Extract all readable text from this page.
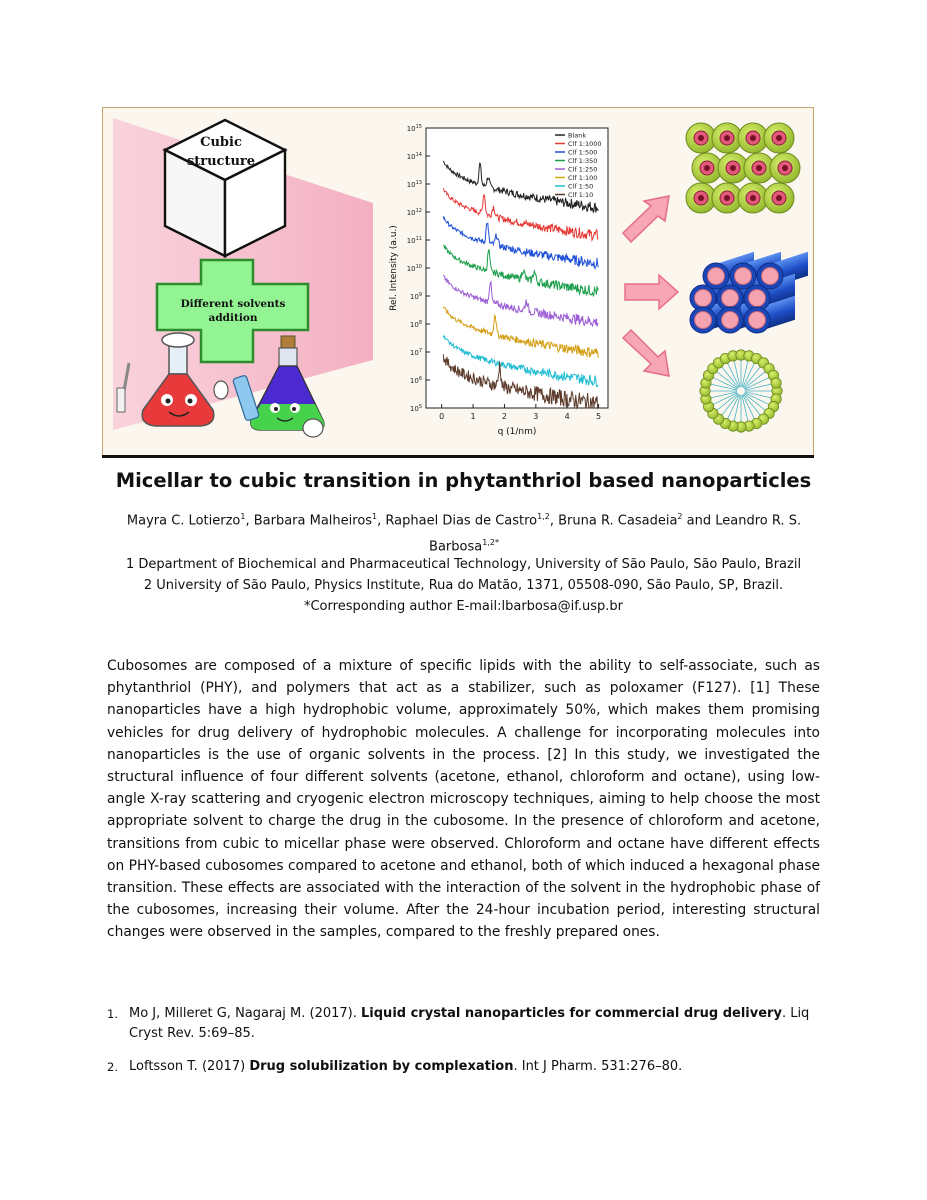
Cubic
structure
Different solvents
addition
$10^5$
$10^6$
$10^7$
$10^8$
$10^9$
$10^{10}$
$10^{11}$
$10^{12}$
$10^{13}$
$10^{14}$
$10^{15}$
0	1	2	3	4	5
q (1/nm)
Rel. Intensity (a.u.)
Blank
Clf 1:1000
Clf 1:500
Clf 1:350
Clf 1:250
Clf 1:100
Clf 1:50
Clf 1:10
Micellar to cubic transition in phytanthriol based nanoparticles
Mayra C. Lotierzo$^1$, Barbara Malheiros$^1$, Raphael Dias de Castro$^{1,2}$, Bruna R. Casadeia$^2$ and Leandro R. S. Barbosa$^{1,2*}$
1 Department of Biochemical and Pharmaceutical Technology, University of São Paulo, São Paulo, Brazil
2 University of São Paulo, Physics Institute, Rua do Matão, 1371, 05508-090, São Paulo, SP, Brazil.
*Corresponding author E-mail:lbarbosa@if.usp.br
Cubosomes are composed of a mixture of specific lipids with the ability to self-associate, such as phytanthriol (PHY), and polymers that act as a stabilizer, such as poloxamer (F127). [1] These nanoparticles have a high hydrophobic volume, approximately 50%, which makes them promising vehicles for drug delivery of hydrophobic molecules. A challenge for incorporating molecules into nanoparticles is the use of organic solvents in the process. [2] In this study, we investigated the structural influence of four different solvents (acetone, ethanol, chloroform and octane), using low-angle X-ray scattering and cryogenic electron microscopy techniques, aiming to help choose the most appropriate solvent to charge the drug in the cubosome. In the presence of chloroform and acetone, transitions from cubic to micellar phase were observed. Chloroform and octane have different effects on PHY-based cubosomes compared to acetone and ethanol, both of which induced a hexagonal phase transition. These effects are associated with the interaction of the solvent in the hydrophobic phase of the cubosomes, increasing their volume. After the 24-hour incubation period, interesting structural changes were observed in the samples, compared to the freshly prepared ones.
1. Mo J, Milleret G, Nagaraj M. (2017). Liquid crystal nanoparticles for commercial drug delivery. Liq Cryst Rev. 5:69–85.
2. Loftsson T. (2017) Drug solubilization by complexation. Int J Pharm. 531:276–80.
